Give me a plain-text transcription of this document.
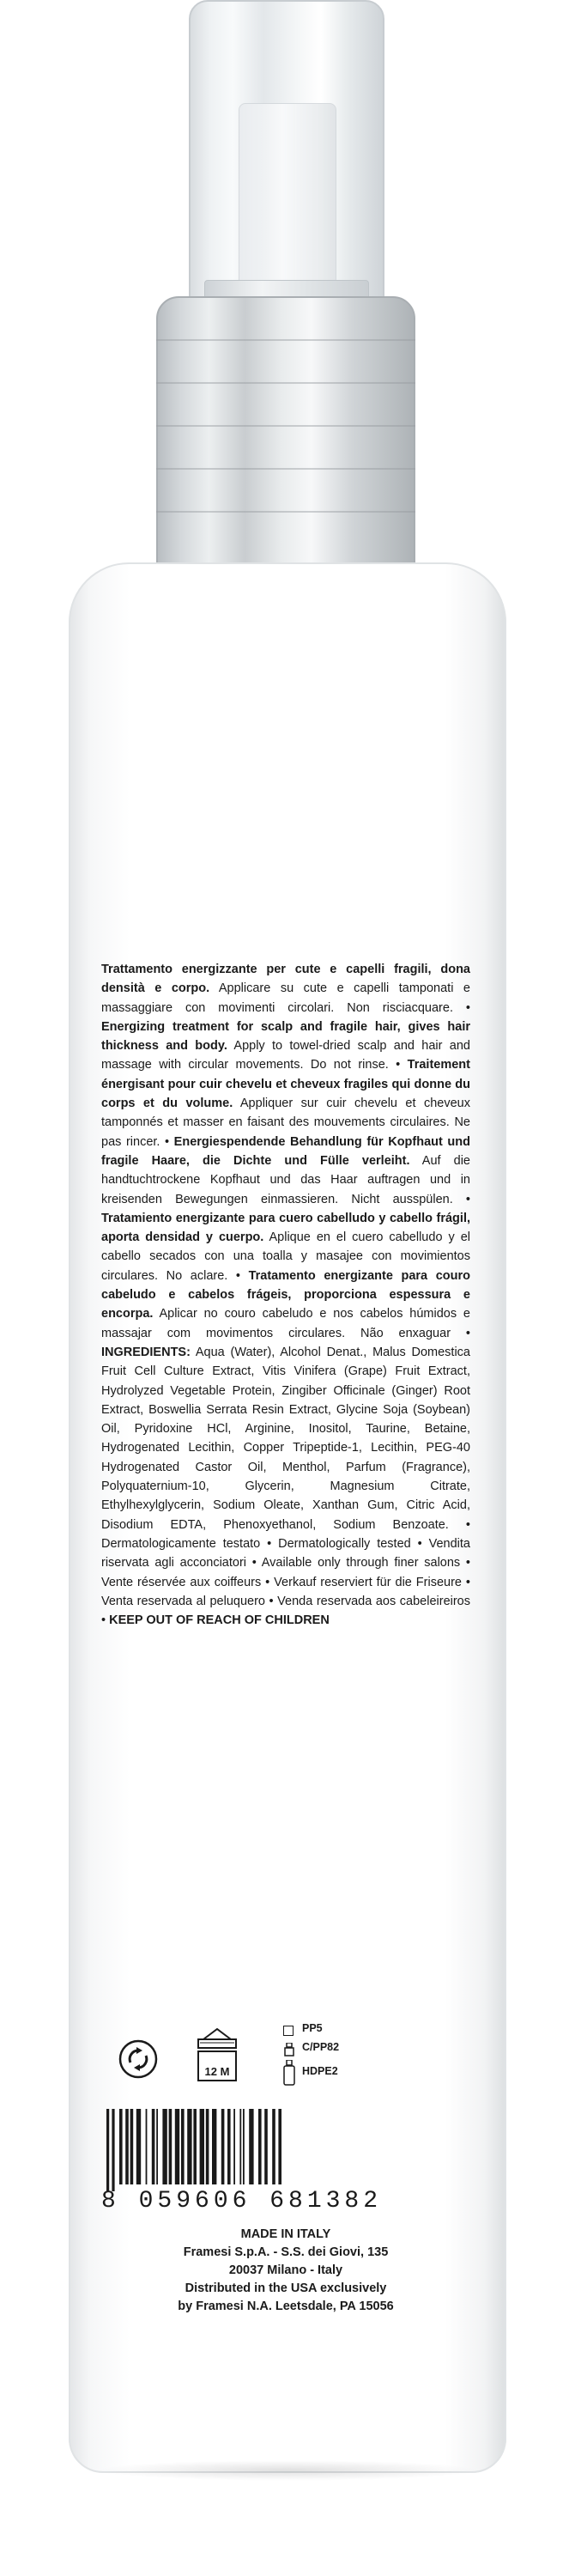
Trattamento energizzante per cute e capelli fragili, dona densità e corpo. Applicare su cute e capelli tamponati e massaggiare con movimenti circolari. Non risciacquare. • Energizing treatment for scalp and fragile hair, gives hair thickness and body. Apply to towel-dried scalp and hair and massage with circular movements. Do not rinse. • Traitement énergisant pour cuir chevelu et cheveux fragiles qui donne du corps et du volume. Appliquer sur cuir chevelu et cheveux tamponnés et masser en faisant des mouvements circulaires. Ne pas rincer. • Energiespendende Behandlung für Kopfhaut und fragile Haare, die Dichte und Fülle verleiht. Auf die handtuchtrockene Kopfhaut und das Haar auftragen und in kreisenden Bewegungen einmassieren. Nicht ausspülen. • Tratamiento energizante para cuero cabelludo y cabello frágil, aporta densidad y cuerpo. Aplique en el cuero cabelludo y el cabello secados con una toalla y masajee con movimientos circulares. No aclare. • Tratamento energizante para couro cabeludo e cabelos frágeis, proporciona espessura e encorpa. Aplicar no couro cabeludo e nos cabelos húmidos e massajar com movimentos circulares. Não enxaguar • INGREDIENTS: Aqua (Water), Alcohol Denat., Malus Domestica Fruit Cell Culture Extract, Vitis Vinifera (Grape) Fruit Extract, Hydrolyzed Vegetable Protein, Zingiber Officinale (Ginger) Root Extract, Boswellia Serrata Resin Extract, Glycine Soja (Soybean) Oil, Pyridoxine HCl, Arginine, Inositol, Taurine, Betaine, Hydrogenated Lecithin, Copper Tripeptide-1, Lecithin, PEG-40 Hydrogenated Castor Oil, Menthol, Parfum (Fragrance), Polyquaternium-10, Glycerin, Magnesium Citrate, Ethylhexylglycerin, Sodium Oleate, Xanthan Gum, Citric Acid, Disodium EDTA, Phenoxyethanol, Sodium Benzoate. • Dermatologicamente testato • Dermatologically tested • Vendita riservata agli acconciatori • Available only through finer salons • Vente réservée aux coiffeurs • Verkauf reserviert für die Friseure • Venta reservada al peluquero • Venda reservada aos cabeleireiros • KEEP OUT OF REACH OF CHILDREN
12 M
PP5
C/PP82
HDPE2
8 059606 681382
MADE IN ITALY
Framesi S.p.A. - S.S. dei Giovi, 135
20037 Milano - Italy
Distributed in the USA exclusively
by Framesi N.A. Leetsdale, PA 15056
